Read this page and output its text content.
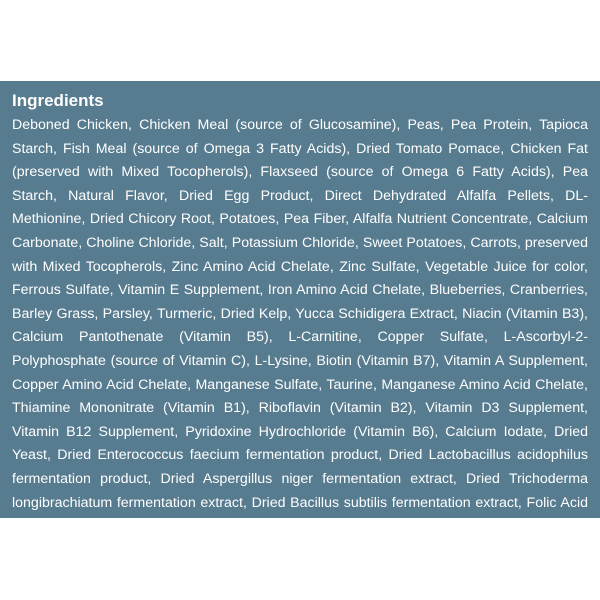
Ingredients

Deboned Chicken, Chicken Meal (source of Glucosamine), Peas, Pea Protein, Tapioca Starch, Fish Meal (source of Omega 3 Fatty Acids), Dried Tomato Pomace, Chicken Fat (preserved with Mixed Tocopherols), Flaxseed (source of Omega 6 Fatty Acids), Pea Starch, Natural Flavor, Dried Egg Product, Direct Dehydrated Alfalfa Pellets, DL-Methionine, Dried Chicory Root, Potatoes, Pea Fiber, Alfalfa Nutrient Concentrate, Calcium Carbonate, Choline Chloride, Salt, Potassium Chloride, Sweet Potatoes, Carrots, preserved with Mixed Tocopherols, Zinc Amino Acid Chelate, Zinc Sulfate, Vegetable Juice for color, Ferrous Sulfate, Vitamin E Supplement, Iron Amino Acid Chelate, Blueberries, Cranberries, Barley Grass, Parsley, Turmeric, Dried Kelp, Yucca Schidigera Extract, Niacin (Vitamin B3), Calcium Pantothenate (Vitamin B5), L-Carnitine, Copper Sulfate, L-Ascorbyl-2-Polyphosphate (source of Vitamin C), L-Lysine, Biotin (Vitamin B7), Vitamin A Supplement, Copper Amino Acid Chelate, Manganese Sulfate, Taurine, Manganese Amino Acid Chelate, Thiamine Mononitrate (Vitamin B1), Riboflavin (Vitamin B2), Vitamin D3 Supplement, Vitamin B12 Supplement, Pyridoxine Hydrochloride (Vitamin B6), Calcium Iodate, Dried Yeast, Dried Enterococcus faecium fermentation product, Dried Lactobacillus acidophilus fermentation product, Dried Aspergillus niger fermentation extract, Dried Trichoderma longibrachiatum fermentation extract, Dried Bacillus subtilis fermentation extract, Folic Acid (Vitamin B9), Sodium Selenite, Oil of Rosemary.
